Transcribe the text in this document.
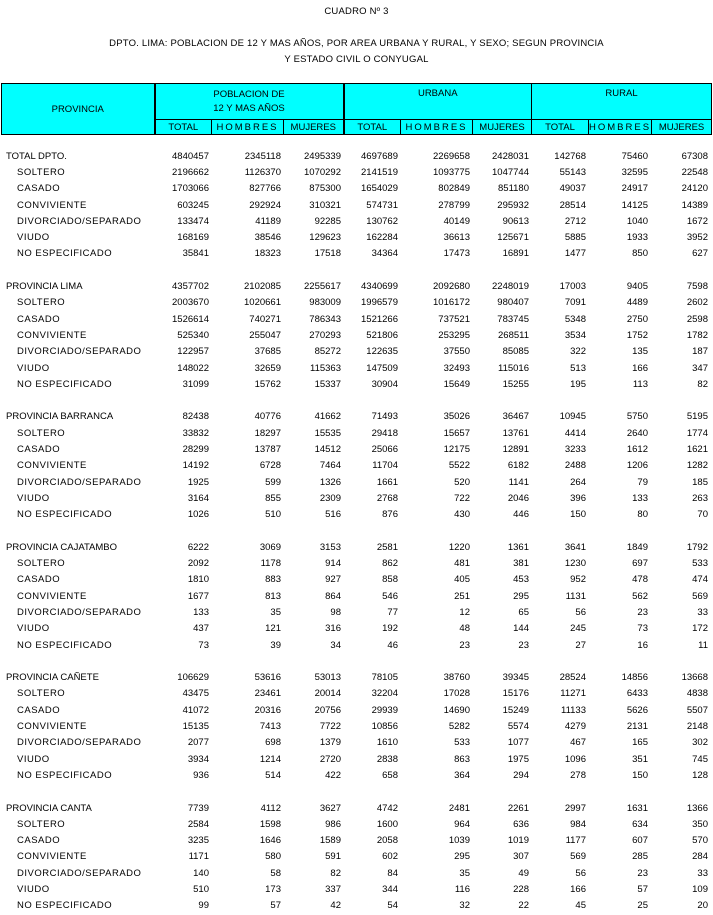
CUADRO Nº 3
DPTO. LIMA: POBLACION DE 12 Y MAS AÑOS, POR AREA URBANA Y RURAL, Y SEXO; SEGUN PROVINCIA
Y ESTADO CIVIL O CONYUGAL
PROVINCIA	POBLACION DE
12 Y MAS AÑOS			URBANA			RURAL		
	TOTAL	HOMBRES	MUJERES	TOTAL	HOMBRES	MUJERES	TOTAL	HOMBRES	MUJERES
TOTAL DPTO.	4840457	2345118	2495339	4697689	2269658	2428031	142768	75460	67308
SOLTERO	2196662	1126370	1070292	2141519	1093775	1047744	55143	32595	22548
CASADO	1703066	827766	875300	1654029	802849	851180	49037	24917	24120
CONVIVIENTE	603245	292924	310321	574731	278799	295932	28514	14125	14389
DIVORCIADO/SEPARADO	133474	41189	92285	130762	40149	90613	2712	1040	1672
VIUDO	168169	38546	129623	162284	36613	125671	5885	1933	3952
NO ESPECIFICADO	35841	18323	17518	34364	17473	16891	1477	850	627

PROVINCIA LIMA	4357702	2102085	2255617	4340699	2092680	2248019	17003	9405	7598
SOLTERO	2003670	1020661	983009	1996579	1016172	980407	7091	4489	2602
CASADO	1526614	740271	786343	1521266	737521	783745	5348	2750	2598
CONVIVIENTE	525340	255047	270293	521806	253295	268511	3534	1752	1782
DIVORCIADO/SEPARADO	122957	37685	85272	122635	37550	85085	322	135	187
VIUDO	148022	32659	115363	147509	32493	115016	513	166	347
NO ESPECIFICADO	31099	15762	15337	30904	15649	15255	195	113	82

PROVINCIA BARRANCA	82438	40776	41662	71493	35026	36467	10945	5750	5195
SOLTERO	33832	18297	15535	29418	15657	13761	4414	2640	1774
CASADO	28299	13787	14512	25066	12175	12891	3233	1612	1621
CONVIVIENTE	14192	6728	7464	11704	5522	6182	2488	1206	1282
DIVORCIADO/SEPARADO	1925	599	1326	1661	520	1141	264	79	185
VIUDO	3164	855	2309	2768	722	2046	396	133	263
NO ESPECIFICADO	1026	510	516	876	430	446	150	80	70

PROVINCIA CAJATAMBO	6222	3069	3153	2581	1220	1361	3641	1849	1792
SOLTERO	2092	1178	914	862	481	381	1230	697	533
CASADO	1810	883	927	858	405	453	952	478	474
CONVIVIENTE	1677	813	864	546	251	295	1131	562	569
DIVORCIADO/SEPARADO	133	35	98	77	12	65	56	23	33
VIUDO	437	121	316	192	48	144	245	73	172
NO ESPECIFICADO	73	39	34	46	23	23	27	16	11

PROVINCIA CAÑETE	106629	53616	53013	78105	38760	39345	28524	14856	13668
SOLTERO	43475	23461	20014	32204	17028	15176	11271	6433	4838
CASADO	41072	20316	20756	29939	14690	15249	11133	5626	5507
CONVIVIENTE	15135	7413	7722	10856	5282	5574	4279	2131	2148
DIVORCIADO/SEPARADO	2077	698	1379	1610	533	1077	467	165	302
VIUDO	3934	1214	2720	2838	863	1975	1096	351	745
NO ESPECIFICADO	936	514	422	658	364	294	278	150	128

PROVINCIA CANTA	7739	4112	3627	4742	2481	2261	2997	1631	1366
SOLTERO	2584	1598	986	1600	964	636	984	634	350
CASADO	3235	1646	1589	2058	1039	1019	1177	607	570
CONVIVIENTE	1171	580	591	602	295	307	569	285	284
DIVORCIADO/SEPARADO	140	58	82	84	35	49	56	23	33
VIUDO	510	173	337	344	116	228	166	57	109
NO ESPECIFICADO	99	57	42	54	32	22	45	25	20
